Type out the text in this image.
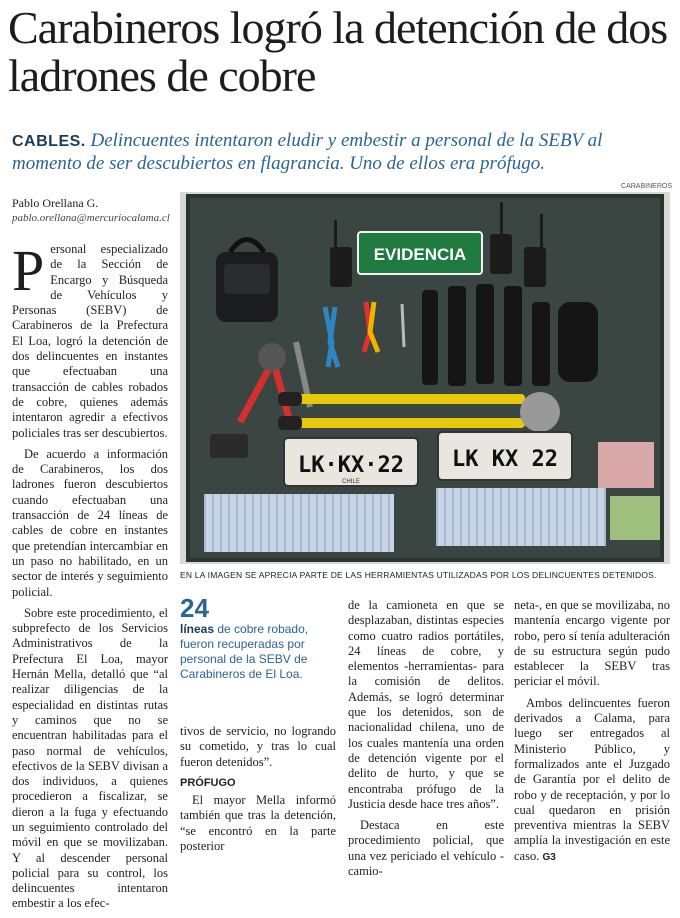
Carabineros logró la detención de dos ladrones de cobre

CABLES. Delincuentes intentaron eludir y embestir a personal de la SEBV al momento de ser descubiertos en flagrancia. Uno de ellos era prófugo.

Pablo Orellana G.
pablo.orellana@mercuriocalama.cl
CARABINEROS
EVIDENCIA
LK·KX·22
CHILE
LK KX 22
EN LA IMAGEN SE APRECIA PARTE DE LAS HERRAMIENTAS UTILIZADAS POR LOS DELINCUENTES DETENIDOS.

Personal especializado de la Sección de Encargo y Búsqueda de Vehículos y Personas (SEBV) de Carabineros de la Prefectura El Loa, logró la detención de dos delincuentes en instantes que efectuaban una transacción de cables robados de cobre, quienes además intentaron agredir a efectivos policiales tras ser descubiertos.

De acuerdo a información de Carabineros, los dos ladrones fueron descubiertos cuando efectuaban una transacción de 24 líneas de cables de cobre en instantes que pretendían intercambiar en un paso no habilitado, en un sector de interés y seguimiento policial.

Sobre este procedimiento, el subprefecto de los Servicios Administrativos de la Prefectura El Loa, mayor Hernán Mella, detalló que “al realizar diligencias de la especialidad en distintas rutas y caminos que no se encuentran habilitadas para el paso normal de vehículos, efectivos de la SEBV divisan a dos individuos, a quienes procedieron a fiscalizar, se dieron a la fuga y efectuando un seguimiento controlado del móvil en que se movilizaban. Y al descender personal policial para su control, los delincuentes intentaron embestir a los efec-

24
líneas de cobre robado, fueron recuperadas por personal de la SEBV de Carabineros de El Loa.

tivos de servicio, no logrando su cometido, y tras lo cual fueron detenidos”.

PRÓFUGO

El mayor Mella informó también que tras la detención, “se encontró en la parte posterior

de la camioneta en que se desplazaban, distintas especies como cuatro radios portátiles, 24 líneas de cobre, y elementos -herramientas- para la comisión de delitos. Además, se logró determinar que los detenidos, son de nacionalidad chilena, uno de los cuales mantenía una orden de detención vigente por el delito de hurto, y que se encontraba prófugo de la Justicia desde hace tres años”.

Destaca en este procedimiento policial, que una vez periciado el vehículo -camio-

neta-, en que se movilizaba, no mantenía encargo vigente por robo, pero sí tenía adulteración de su estructura según pudo establecer la SEBV tras periciar el móvil.

Ambos delincuentes fueron derivados a Calama, para luego ser entregados al Ministerio Público, y formalizados ante el Juzgado de Garantía por el delito de robo y de receptación, y por lo cual quedaron en prisión preventiva mientras la SEBV amplía la investigación en este caso. G3
